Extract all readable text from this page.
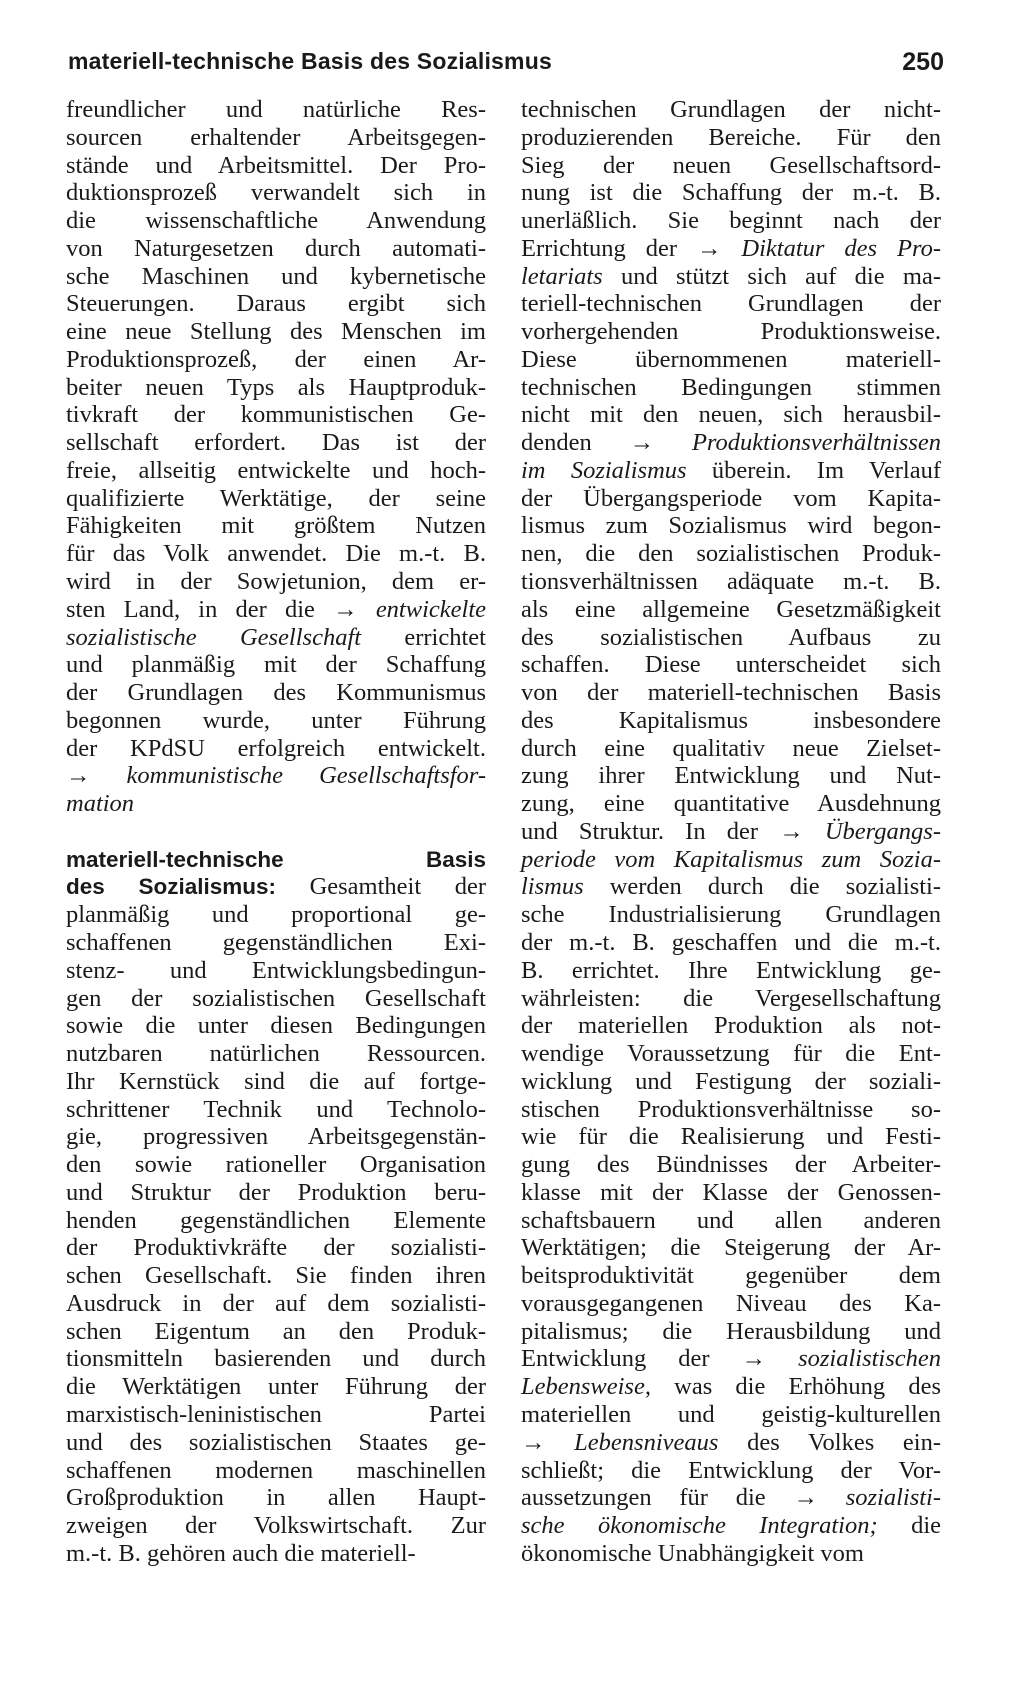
materiell-technische Basis des Sozialismus	250
freundlicher und natürliche Res-
sourcen erhaltender Arbeitsgegen-
stände und Arbeitsmittel. Der Pro-
duktionsprozeß verwandelt sich in
die wissenschaftliche Anwendung
von Naturgesetzen durch automati-
sche Maschinen und kybernetische
Steuerungen. Daraus ergibt sich
eine neue Stellung des Menschen im
Produktionsprozeß, der einen Ar-
beiter neuen Typs als Hauptproduk-
tivkraft der kommunistischen Ge-
sellschaft erfordert. Das ist der
freie, allseitig entwickelte und hoch-
qualifizierte Werktätige, der seine
Fähigkeiten mit größtem Nutzen
für das Volk anwendet. Die m.-t. B.
wird in der Sowjetunion, dem er-
sten Land, in der die → entwickelte
sozialistische Gesellschaft errichtet
und planmäßig mit der Schaffung
der Grundlagen des Kommunismus
begonnen wurde, unter Führung
der KPdSU erfolgreich entwickelt.
→ kommunistische Gesellschaftsfor-
mation
materiell-technische Basis
des Sozialismus: Gesamtheit der
planmäßig und proportional ge-
schaffenen gegenständlichen Exi-
stenz- und Entwicklungsbedingun-
gen der sozialistischen Gesellschaft
sowie die unter diesen Bedingungen
nutzbaren natürlichen Ressourcen.
Ihr Kernstück sind die auf fortge-
schrittener Technik und Technolo-
gie, progressiven Arbeitsgegenstän-
den sowie rationeller Organisation
und Struktur der Produktion beru-
henden gegenständlichen Elemente
der Produktivkräfte der sozialisti-
schen Gesellschaft. Sie finden ihren
Ausdruck in der auf dem sozialisti-
schen Eigentum an den Produk-
tionsmitteln basierenden und durch
die Werktätigen unter Führung der
marxistisch-leninistischen Partei
und des sozialistischen Staates ge-
schaffenen modernen maschinellen
Großproduktion in allen Haupt-
zweigen der Volkswirtschaft. Zur
m.-t. B. gehören auch die materiell-
technischen Grundlagen der nicht-
produzierenden Bereiche. Für den
Sieg der neuen Gesellschaftsord-
nung ist die Schaffung der m.-t. B.
unerläßlich. Sie beginnt nach der
Errichtung der → Diktatur des Pro-
letariats und stützt sich auf die ma-
teriell-technischen Grundlagen der
vorhergehenden Produktionsweise.
Diese übernommenen materiell-
technischen Bedingungen stimmen
nicht mit den neuen, sich herausbil-
denden → Produktionsverhältnissen
im Sozialismus überein. Im Verlauf
der Übergangsperiode vom Kapita-
lismus zum Sozialismus wird begon-
nen, die den sozialistischen Produk-
tionsverhältnissen adäquate m.-t. B.
als eine allgemeine Gesetzmäßigkeit
des sozialistischen Aufbaus zu
schaffen. Diese unterscheidet sich
von der materiell-technischen Basis
des Kapitalismus insbesondere
durch eine qualitativ neue Zielset-
zung ihrer Entwicklung und Nut-
zung, eine quantitative Ausdehnung
und Struktur. In der → Übergangs-
periode vom Kapitalismus zum Sozia-
lismus werden durch die sozialisti-
sche Industrialisierung Grundlagen
der m.-t. B. geschaffen und die m.-t.
B. errichtet. Ihre Entwicklung ge-
währleisten: die Vergesellschaftung
der materiellen Produktion als not-
wendige Voraussetzung für die Ent-
wicklung und Festigung der soziali-
stischen Produktionsverhältnisse so-
wie für die Realisierung und Festi-
gung des Bündnisses der Arbeiter-
klasse mit der Klasse der Genossen-
schaftsbauern und allen anderen
Werktätigen; die Steigerung der Ar-
beitsproduktivität gegenüber dem
vorausgegangenen Niveau des Ka-
pitalismus; die Herausbildung und
Entwicklung der → sozialistischen
Lebensweise, was die Erhöhung des
materiellen und geistig-kulturellen
→ Lebensniveaus des Volkes ein-
schließt; die Entwicklung der Vor-
aussetzungen für die → sozialisti-
sche ökonomische Integration; die
ökonomische Unabhängigkeit vom
